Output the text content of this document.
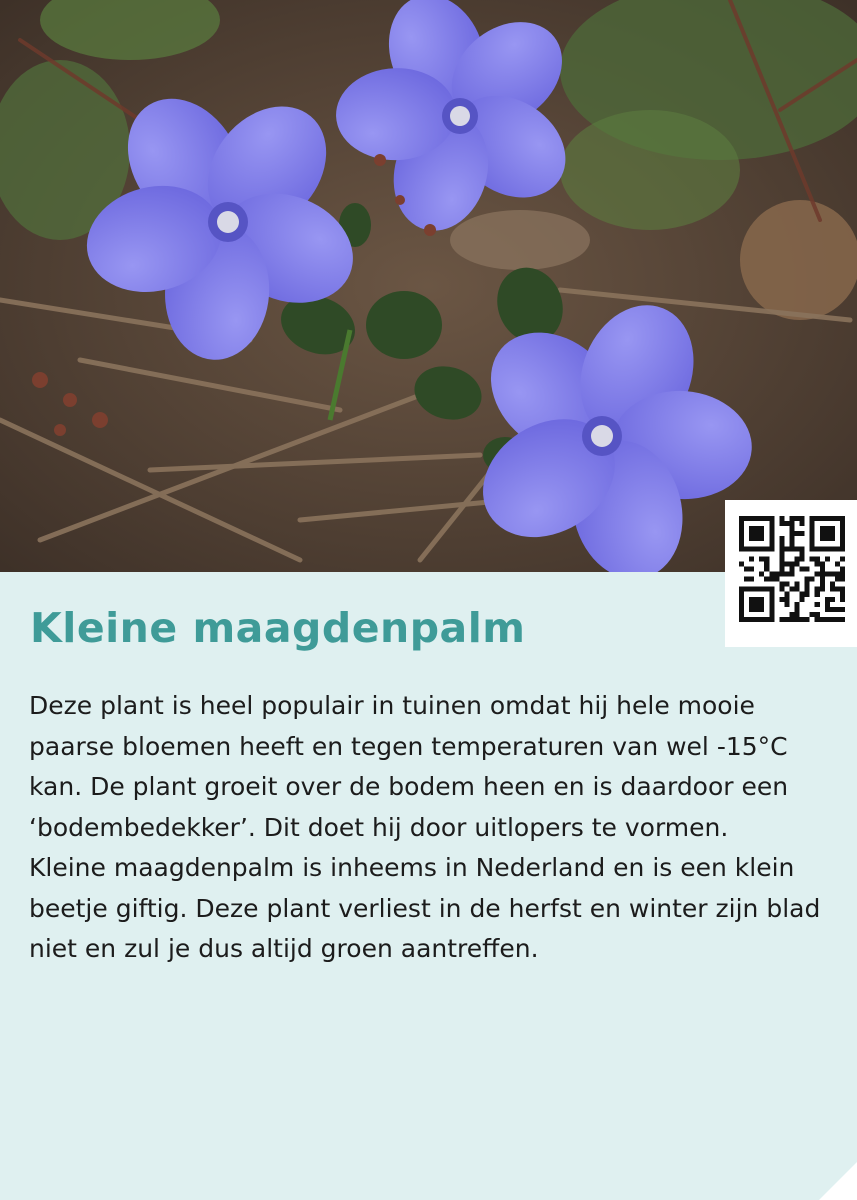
Kleine maagdenpalm

Deze plant is heel populair in tuinen omdat hij hele mooie paarse bloemen heeft en tegen temperaturen van wel -15°C kan. De plant groeit over de bodem heen en is daardoor een ‘bodembedekker’. Dit doet hij door uitlopers te vormen.

Kleine maagdenpalm is inheems in Nederland en is een klein beetje giftig. Deze plant verliest in de herfst en winter zijn blad niet en zul je dus altijd groen aantreffen.
